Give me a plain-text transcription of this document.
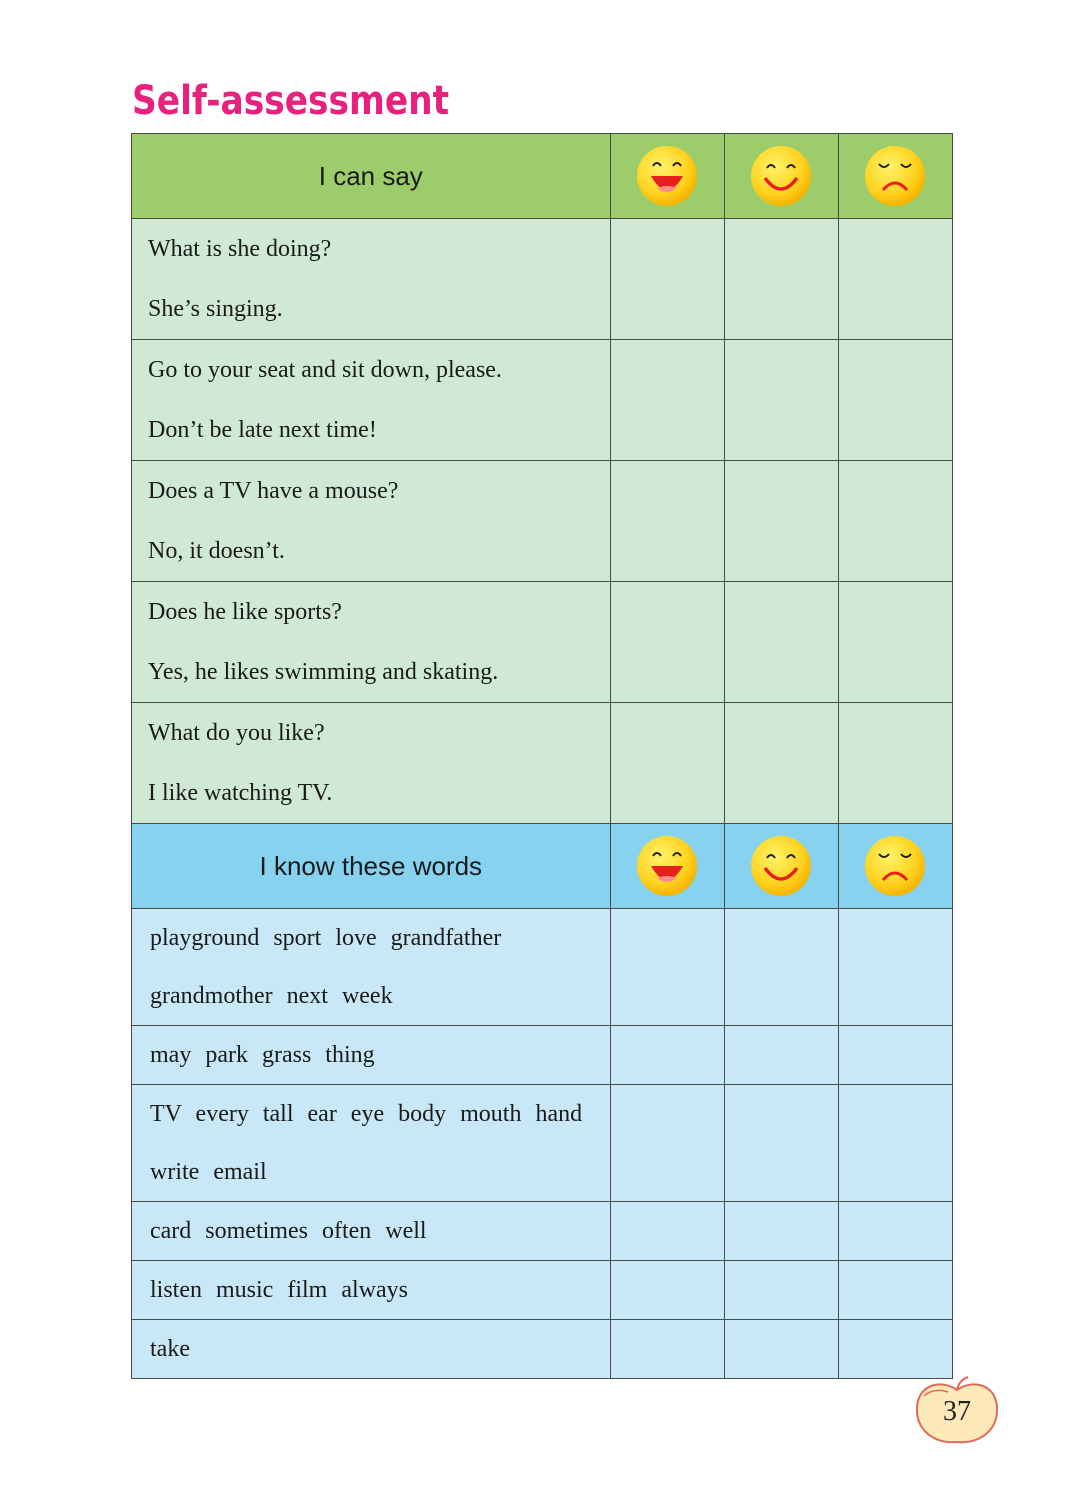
Self-assessment
I can say	

What is she doing?
She’s singing.			

Go to your seat and sit down, please.
Don’t be late next time!			

Does a TV have a mouse?
No, it doesn’t.			

Does he like sports?
Yes, he likes swimming and skating.			

What do you like?
I like watching TV.			

I know these words	

playground sport love grandfather
grandmother next week			

may park grass thing			

TV every tall ear eye body mouth hand
write email			

card sometimes often well			

listen music film always			

take			

37
